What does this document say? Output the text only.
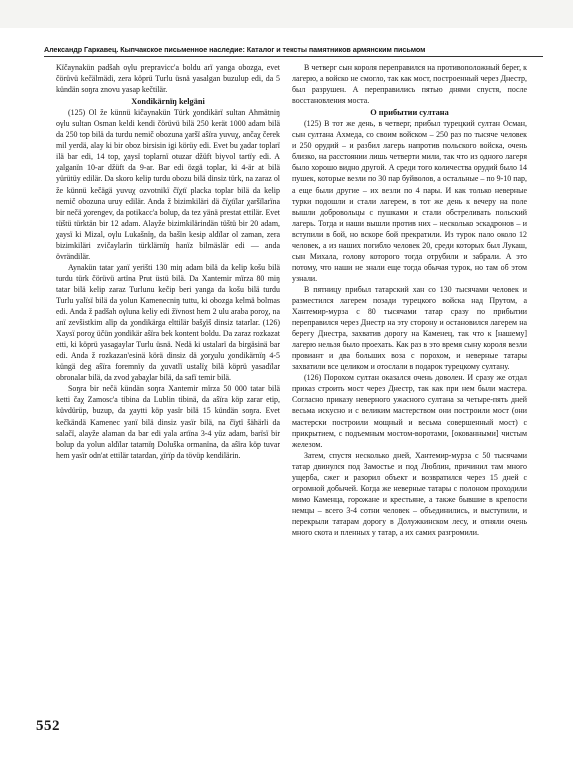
Александр Гаркавец. Кыпчакское письменное наследие: Каталог и тексты памятников армянским письмом

Kïčaynakün padšah oγlu prepravicc'a boldu arï yanga obozga, evet čörüvü kečälmädi, zera köprü Turlu üsnä yasalgan buzulup edi, da 5 kündän soŋra znovu yasap kečtilär.

Χondikärnïŋ kelgäni

(125) Ol že künnü kičaynakün Türk χondikärï sultan Ahmätniŋ oγlu sultan Osman keldi kendi čörüvü bilä 250 kerät 1000 adam bilä da 250 top bilä da turdu nemič obozuna χaršï aŝïra yuvuχ, ančaχ čerek mil yerdä, alay ki bir oboz birsisin igi körüy edi. Evet bu χadar toplarï ilä bar edi, 14 top, χaysï toplarnï otuzar džüft biyvol tartïy edi. A χalganïn 10-ar džüft da 9-ar. Bar edi özgä toplar, ki 4-är at bilä yürütüy edilär. Da skoro kelip turdu obozu bilä dinsiz türk, na zaraz ol že künnü kečägä yuvuχ ozvotnikï čïχtï placka toplar bilä da kelip nemič obozuna uruy edilär. Anda ž bizimkiläri dä čïχtïlar χaršïlarïna bir nečä χorengev, da potikacc'a bolup, da tez yänä prestat ettilär. Evet tüštü türktän bir 12 adam. Alayže bizimkilärindän tüštü bir 20 adam, χaysï ki Mizal, oγlu Lukašnïŋ, da bašïn kesip aldïlar ol zaman, zera bizimkiläri zvičaylarïn türklärnïŋ hanïz bilmäslär edi — anda övrändilär.

Aynakün tatar χanï yerišti 130 miŋ adam bilä da kelip košu bilä turdu türk čörüvü artïna Prut üstü bilä. Da Χantemir mïrza 80 miŋ tatar bilä kelip zaraz Turlunu kečip beri yanga da košu bilä turdu Turlu yalïsï bilä da yolun Kamenecniŋ tuttu, ki obozga kelmä bolmas edi. Anda ž padšah oγluna keliy edi žïvnost hem 2 ulu araba poroχ, na anï zevšistkim alïp da χondikärga elttilär bašχïš dinsiz tatarlar. (126) Χaysï poroχ üčün χondikär aŝïra bek kontent boldu. Da zaraz rozkazat etti, ki köprü yasagaylar Turlu üsnä. Nedä ki ustalarï da birgäsinä bar edi. Anda ž rozkazan'esinä körä dinsiz dä χorχulu χondikärnïŋ 4-5 küngä deg aŝïra foremnïy da χuvatlï ustalïχ bilä köprü yasadïlar obronalar bilä, da zvod χabaχlar bilä, da safï temir bilä.

Soŋra bir nečä kündän soŋra Χantemir mïrza 50 000 tatar bilä ketti čaχ Zamosc'a tibina da Lublin tibinä, da aŝïra köp zarar etip, küvdürüp, buzup, da χaytti köp yasïr bilä 15 kündän soŋra. Evet kečkändä Kamenec yanï bilä dinsiz yasïr bilä, na čïχtï šähärli da salačï, alayže alaman da bar edi yala artïna 3-4 yüz adam, barïsï bir bolup da yolun aldïlar tatarnïŋ Doluška ormanïna, da aŝïra köp tuvar hem yasïr odn'at ettilär tatardan, χïrïp da tövüp kendilärin.

В четверг сын короля переправился на противоположный берег, к лагерю, а войско не смогло, так как мост, построенный через Днестр, был разрушен. А переправились пятью днями спустя, после восстановления моста.

О прибытии султана

(125) В тот же день, в четверг, прибыл турецкий султан Осман, сын султана Ахмеда, со своим войском – 250 раз по тысяче человек и 250 орудий – и разбил лагерь напротив польского войска, очень близко, на расстоянии лишь четверти мили, так что из одного лагеря было хорошо видно другой. А среди того количества орудий было 14 пушек, которые везли по 30 пар буйволов, а остальные – по 9-10 пар, а еще были другие – их везли по 4 пары. И как только неверные турки подошли и стали лагерем, в тот же день к вечеру на поле вышли добровольцы с пушками и стали обстреливать польский лагерь. Тогда и наши вышли против них – несколько эскадронов – и вступили в бой, но вскоре бой прекратили. Из турок пало около 12 человек, а из наших погибло человек 20, среди которых был Лукаш, сын Михала, голову которого тогда отрубили и забрали. А это потому, что наши не знали еще тогда обычая турок, но там об этом узнали.

В пятницу прибыл татарский хан со 130 тысячами человек и разместился лагерем позади турецкого войска над Прутом, а Хантемир-мурза с 80 тысячами татар сразу по прибытии переправился через Днестр на эту сторону и остановился лагерем на берегу Днестра, захватив дорогу на Каменец, так что к [нашему] лагерю нельзя было проехать. Как раз в это время сыну короля везли провиант и два больших воза с порохом, и неверные татары захватили все целиком и отослали в подарок турецкому султану.

(126) Порохом султан оказался очень доволен. И сразу же отдал приказ строить мост через Днестр, так как при нем были мастера. Согласно приказу неверного ужасного султана за четыре-пять дней весьма искусно и с великим мастерством они построили мост (они мастерски построили мощный и весьма совершенный мост) с прикрытием, с подъемным мостом-воротами, [окованными] чистым железом.

Затем, спустя несколько дней, Хантемир-мурза с 50 тысячами татар двинулся под Замостье и под Люблин, причинил там много ущерба, сжег и разорил объект и возвратился через 15 дней с огромной добычей. Когда же неверные татары с полоном проходили мимо Каменца, горожане и крестьяне, а также бывшие в крепости немцы – всего 3-4 сотни человек – объединились, и выступили, и перекрыли татарам дорогу в Долужкинском лесу, и отняли очень много скота и пленных у татар, а их самих разгромили.

552
